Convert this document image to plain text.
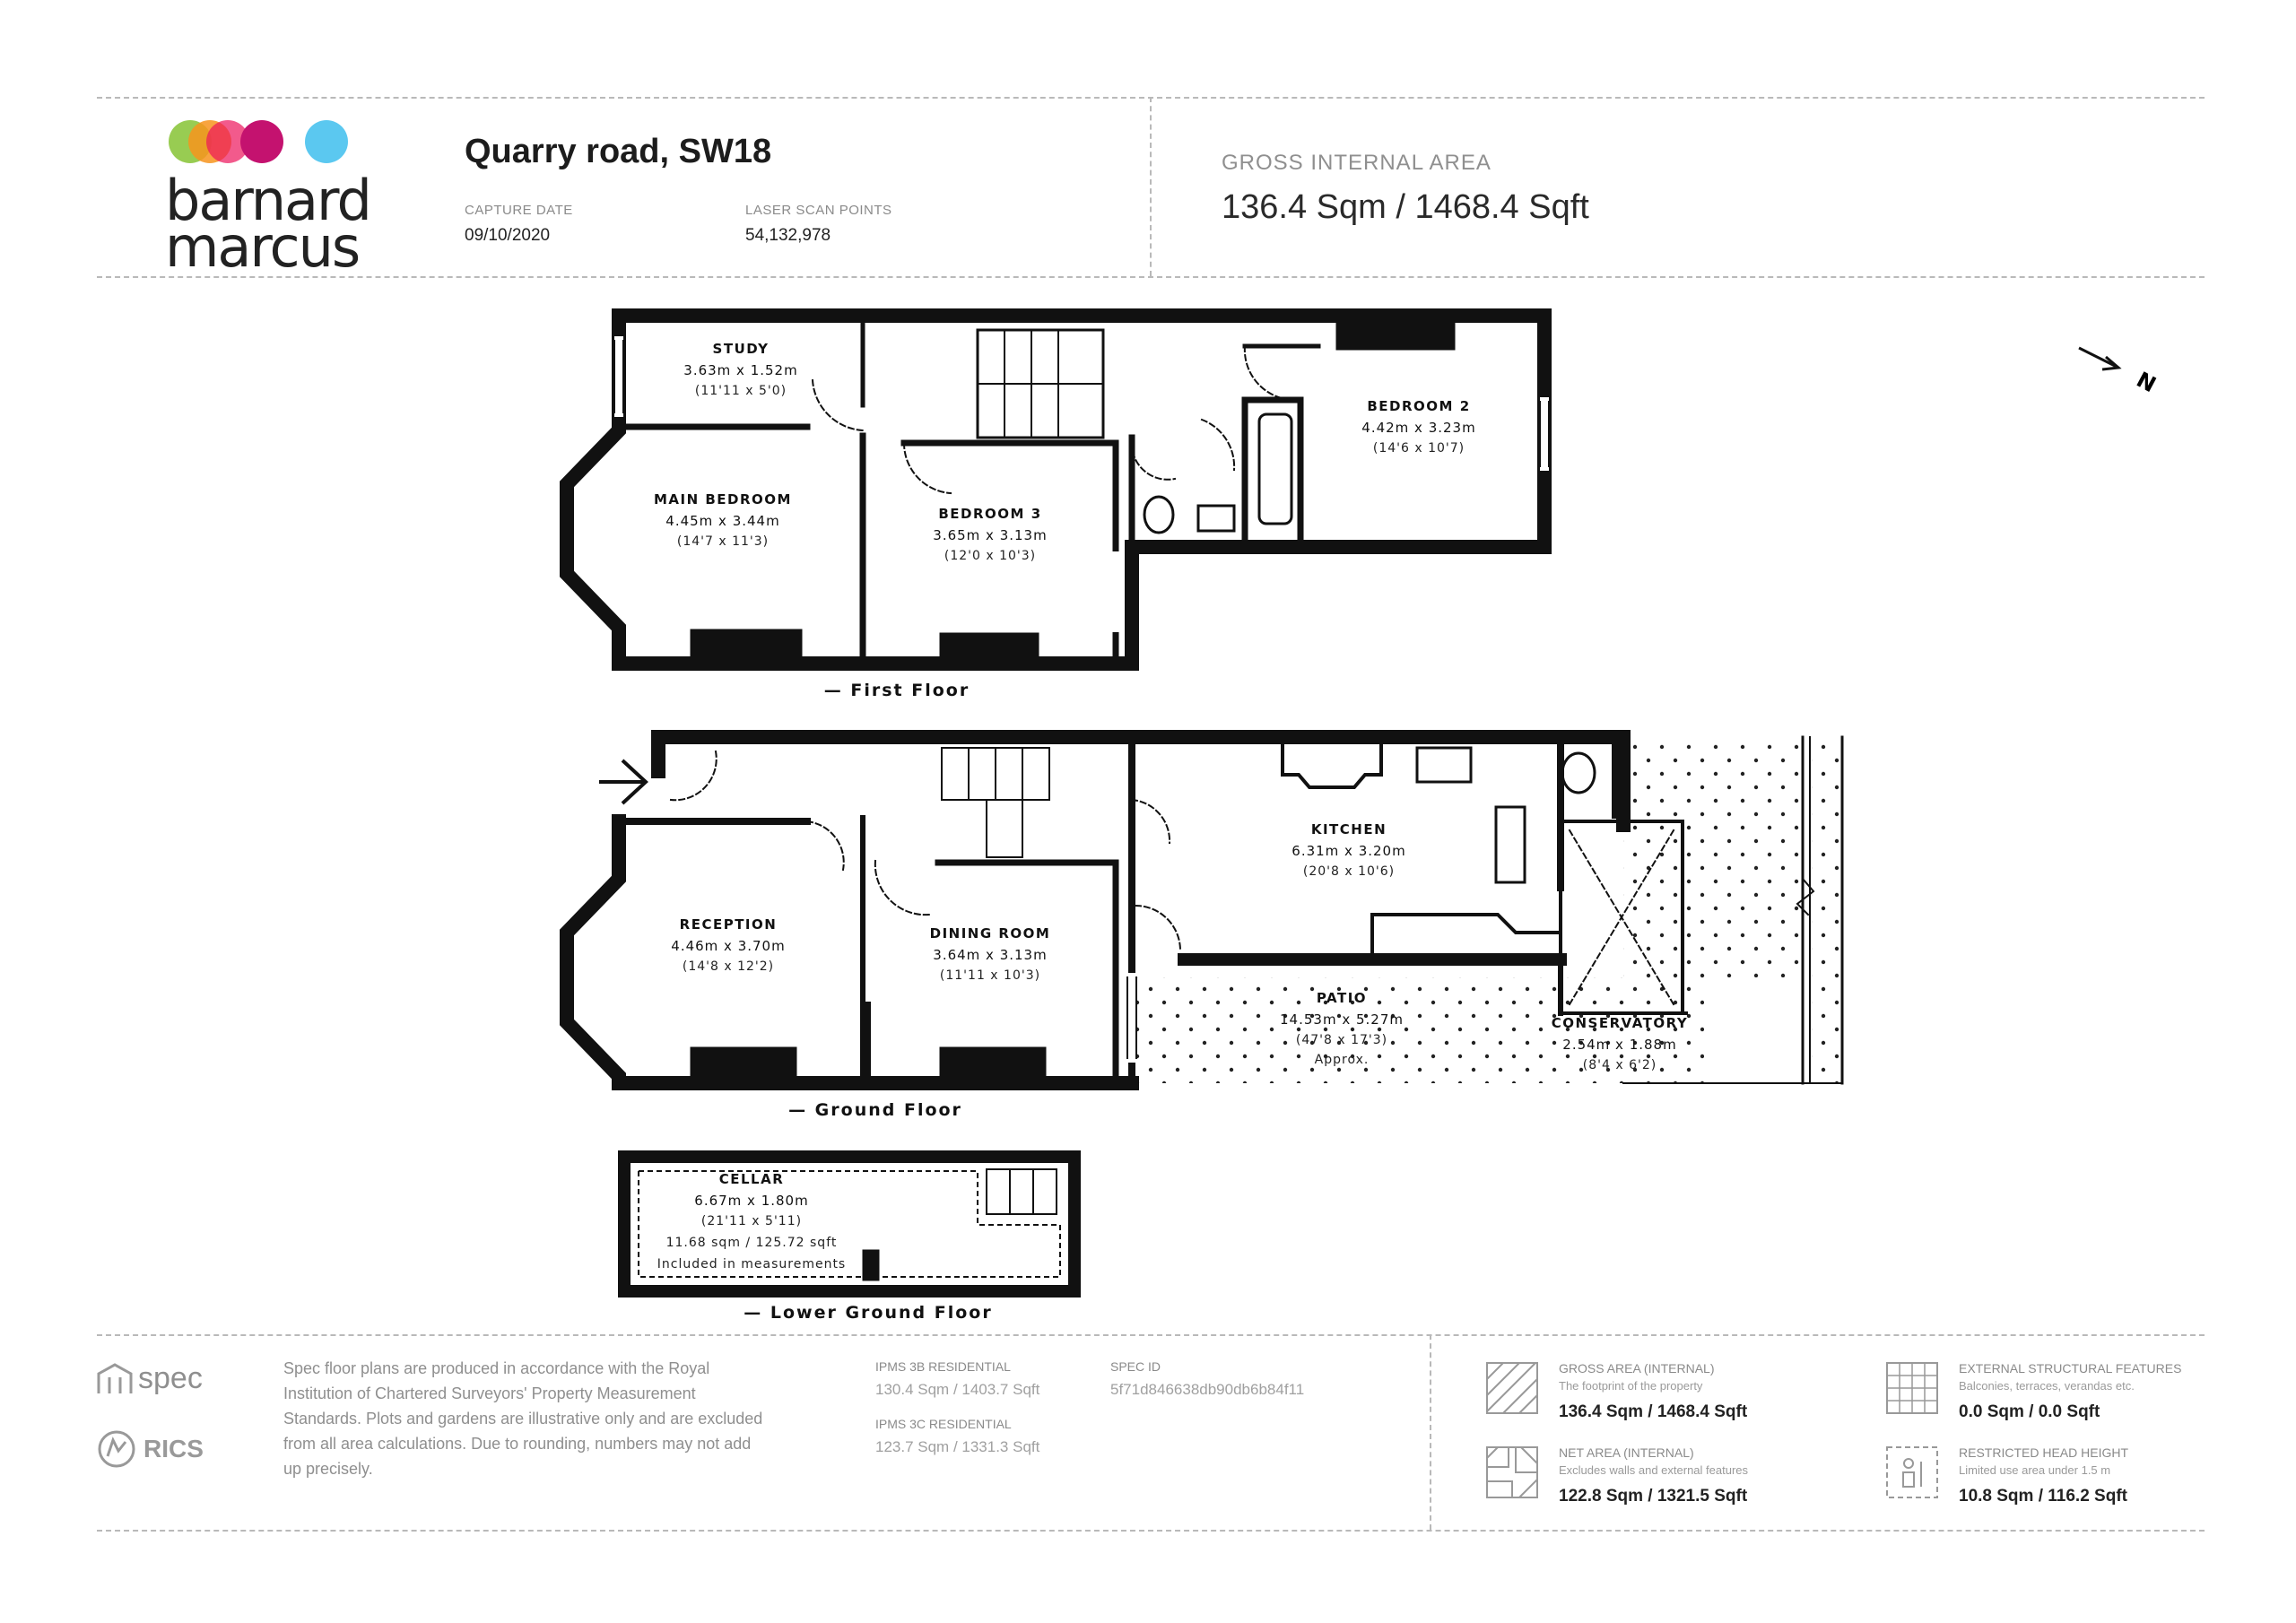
barnard
marcus
Quarry road, SW18
CAPTURE DATE
09/10/2020
LASER SCAN POINTS
54,132,978
GROSS INTERNAL AREA
136.4 Sqm / 1468.4 Sqft
N
STUDY
3.63m x 1.52m
(11'11 x 5'0)
MAIN BEDROOM
4.45m x 3.44m
(14'7 x 11'3)
BEDROOM 3
3.65m x 3.13m
(12'0 x 10'3)
BEDROOM 2
4.42m x 3.23m
(14'6 x 10'7)
— First Floor
RECEPTION
4.46m x 3.70m
(14'8 x 12'2)
DINING ROOM
3.64m x 3.13m
(11'11 x 10'3)
KITCHEN
6.31m x 3.20m
(20'8 x 10'6)
PATIO
14.53m x 5.27m
(47'8 x 17'3)
Approx.
CONSERVATORY
2.54m x 1.88m
(8'4 x 6'2)
— Ground Floor
CELLAR
6.67m x 1.80m
(21'11 x 5'11)
11.68 sqm / 125.72 sqft
Included in measurements
— Lower Ground Floor
spec
RICS
Spec floor plans are produced in accordance with the Royal
Institution of Chartered Surveyors' Property Measurement
Standards. Plots and gardens are illustrative only and are excluded
from all area calculations. Due to rounding, numbers may not add
up precisely.
IPMS 3B RESIDENTIAL
130.4 Sqm / 1403.7 Sqft
IPMS 3C RESIDENTIAL
123.7 Sqm / 1331.3 Sqft
SPEC ID
5f71d846638db90db6b84f11
GROSS AREA (INTERNAL)
The footprint of the property
136.4 Sqm / 1468.4 Sqft
EXTERNAL STRUCTURAL FEATURES
Balconies, terraces, verandas etc.
0.0 Sqm / 0.0 Sqft
NET AREA (INTERNAL)
Excludes walls and external features
122.8 Sqm / 1321.5 Sqft
RESTRICTED HEAD HEIGHT
Limited use area under 1.5 m
10.8 Sqm / 116.2 Sqft
